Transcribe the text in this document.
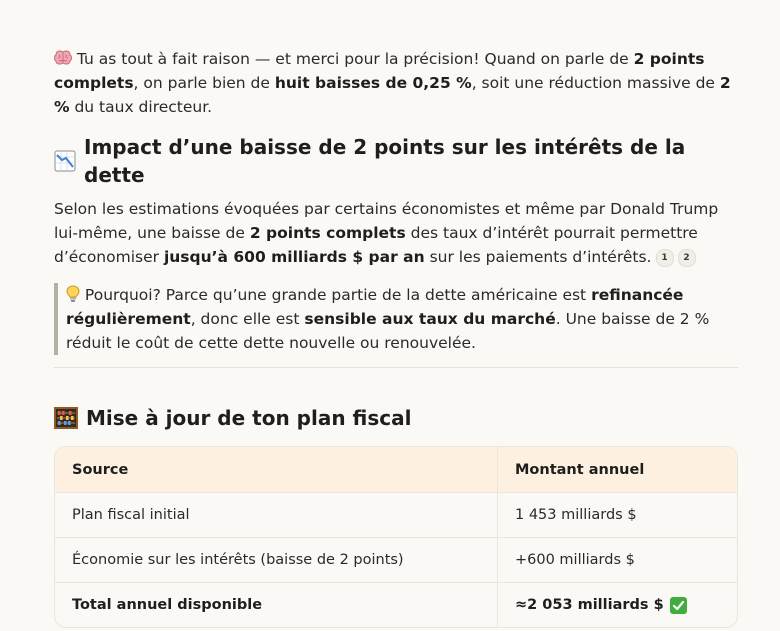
Tu as tout à fait raison — et merci pour la précision! Quand on parle de 2 points complets, on parle bien de huit baisses de 0,25 %, soit une réduction massive de 2 % du taux directeur.

Impact d’une baisse de 2 points sur les intérêts de la dette

Selon les estimations évoquées par certains économistes et même par Donald Trump lui-même, une baisse de 2 points complets des taux d’intérêt pourrait permettre d’économiser jusqu’à 600 milliards $ par an sur les paiements d’intérêts. 1 2

Pourquoi? Parce qu’une grande partie de la dette américaine est refinancée régulièrement, donc elle est sensible aux taux du marché. Une baisse de 2 % réduit le coût de cette dette nouvelle ou renouvelée.

Mise à jour de ton plan fiscal
Source	Montant annuel
Plan fiscal initial	1 453 milliards $
Économie sur les intérêts (baisse de 2 points)	+600 milliards $
Total annuel disponible	≈2 053 milliards $
